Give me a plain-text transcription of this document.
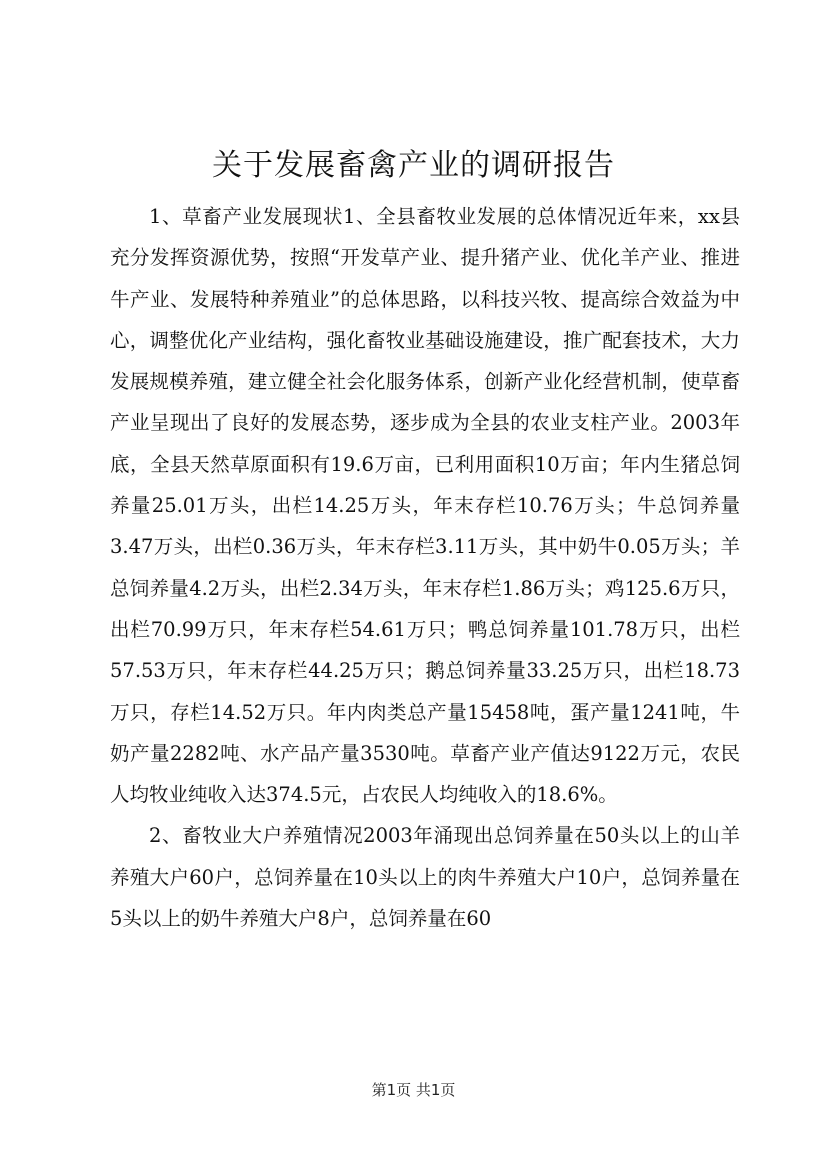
关于发展畜禽产业的调研报告

1、草畜产业发展现状1、全县畜牧业发展的总体情况近年来，xx县充分发挥资源优势，按照“开发草产业、提升猪产业、优化羊产业、推进牛产业、发展特种养殖业”的总体思路，以科技兴牧、提高综合效益为中心，调整优化产业结构，强化畜牧业基础设施建设，推广配套技术，大力发展规模养殖，建立健全社会化服务体系，创新产业化经营机制，使草畜产业呈现出了良好的发展态势，逐步成为全县的农业支柱产业。2003年底，全县天然草原面积有19.6万亩，已利用面积10万亩；年内生猪总饲养量25.01万头，出栏14.25万头，年末存栏10.76万头；牛总饲养量3.47万头，出栏0.36万头，年末存栏3.11万头，其中奶牛0.05万头；羊总饲养量4.2万头，出栏2.34万头，年末存栏1.86万头；鸡125.6万只，出栏70.99万只，年末存栏54.61万只；鸭总饲养量101.78万只，出栏57.53万只，年末存栏44.25万只；鹅总饲养量33.25万只，出栏18.73万只，存栏14.52万只。年内肉类总产量15458吨，蛋产量1241吨，牛奶产量2282吨、水产品产量3530吨。草畜产业产值达9122万元，农民人均牧业纯收入达374.5元，占农民人均纯收入的18.6%。

2、畜牧业大户养殖情况2003年涌现出总饲养量在50头以上的山羊养殖大户60户，总饲养量在10头以上的肉牛养殖大户10户，总饲养量在5头以上的奶牛养殖大户8户，总饲养量在60

第1页 共1页
